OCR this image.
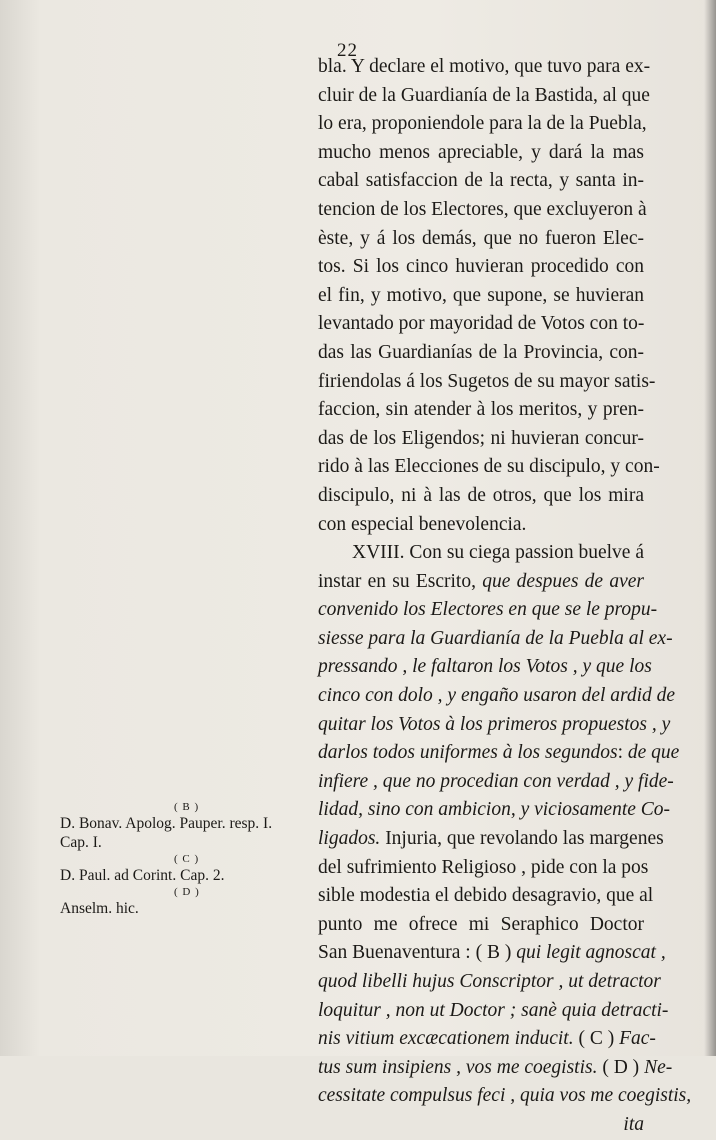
22
bla. Y declare el motivo, que tuvo para ex-
cluir de la Guardianía de la Bastida, al que
lo era, proponiendole para la de la Puebla,
mucho menos apreciable, y dará la mas
cabal satisfaccion de la recta, y santa in-
tencion de los Electores, que excluyeron à
èste, y á los demás, que no fueron Elec-
tos. Si los cinco huvieran procedido con
el fin, y motivo, que supone, se huvieran
levantado por mayoridad de Votos con to-
das las Guardianías de la Provincia, con-
firiendolas á los Sugetos de su mayor satis-
faccion, sin atender à los meritos, y pren-
das de los Eligendos; ni huvieran concur-
rido à las Elecciones de su discipulo, y con-
discipulo, ni à las de otros, que los mira
con especial benevolencia.
XVIII. Con su ciega passion buelve á
instar en su Escrito, que despues de aver
convenido los Electores en que se le propu-
siesse para la Guardianía de la Puebla al ex-
pressando , le faltaron los Votos , y que los
cinco con dolo , y engaño usaron del ardid de
quitar los Votos à los primeros propuestos , y
darlos todos uniformes à los segundos: de que
infiere , que no procedian con verdad , y fide-
lidad, sino con ambicion, y viciosamente Co-
ligados. Injuria, que revolando las margenes
del sufrimiento Religioso , pide con la pos
sible modestia el debido desagravio, que al
punto me ofrece mi Seraphico Doctor
San Buenaventura : ( B ) qui legit agnoscat ,
quod libelli hujus Conscriptor , ut detractor
loquitur , non ut Doctor ; sanè quia detracti-
nis vitium excæcationem inducit. ( C ) Fac-
tus sum insipiens , vos me coegistis. ( D ) Ne-
cessitate compulsus feci , quia vos me coegistis,
ita
( B )
D. Bonav. Apolog. Pauper. resp. I.
Cap. I.
( C )
D. Paul. ad Corint. Cap. 2.
( D )
Anselm. hic.
